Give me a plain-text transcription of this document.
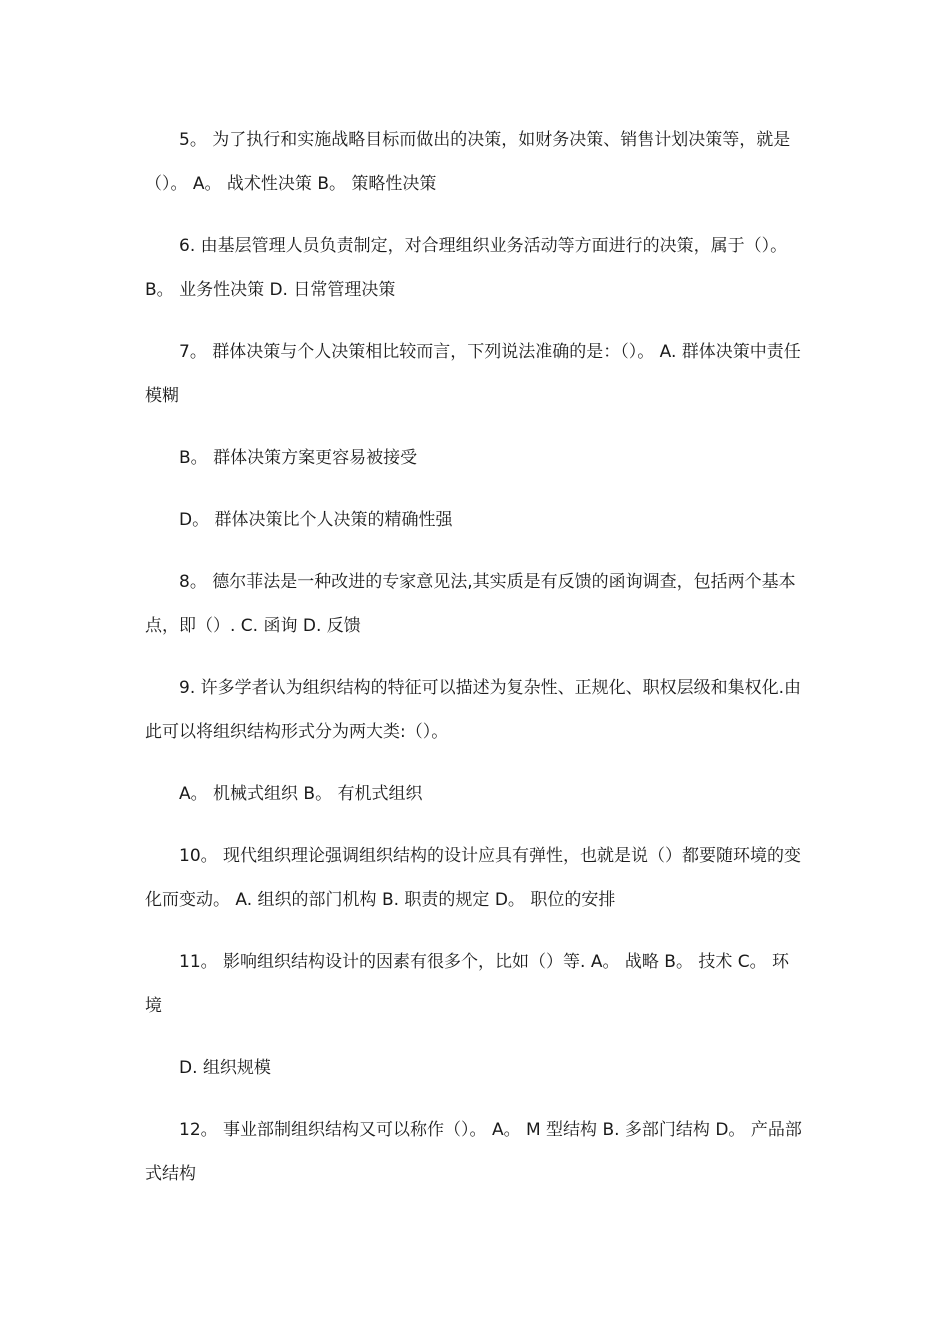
5。 为了执行和实施战略目标而做出的决策，如财务决策、销售计划决策等，就是（）。 A。 战术性决策 B。 策略性决策

6. 由基层管理人员负责制定，对合理组织业务活动等方面进行的决策，属于（）。 B。 业务性决策 D. 日常管理决策

7。 群体决策与个人决策相比较而言，下列说法准确的是：（）。 A. 群体决策中责任模糊

B。 群体决策方案更容易被接受

D。 群体决策比个人决策的精确性强

8。 德尔菲法是一种改进的专家意见法,其实质是有反馈的函询调查，包括两个基本点，即（）. C. 函询 D. 反馈

9. 许多学者认为组织结构的特征可以描述为复杂性、正规化、职权层级和集权化.由此可以将组织结构形式分为两大类:（）。

A。 机械式组织 B。 有机式组织

10。 现代组织理论强调组织结构的设计应具有弹性，也就是说（）都要随环境的变化而变动。 A. 组织的部门机构 B. 职责的规定 D。 职位的安排

11。 影响组织结构设计的因素有很多个，比如（）等. A。 战略 B。 技术 C。 环境

D. 组织规模

12。 事业部制组织结构又可以称作（）。 A。 M 型结构 B. 多部门结构 D。 产品部式结构
